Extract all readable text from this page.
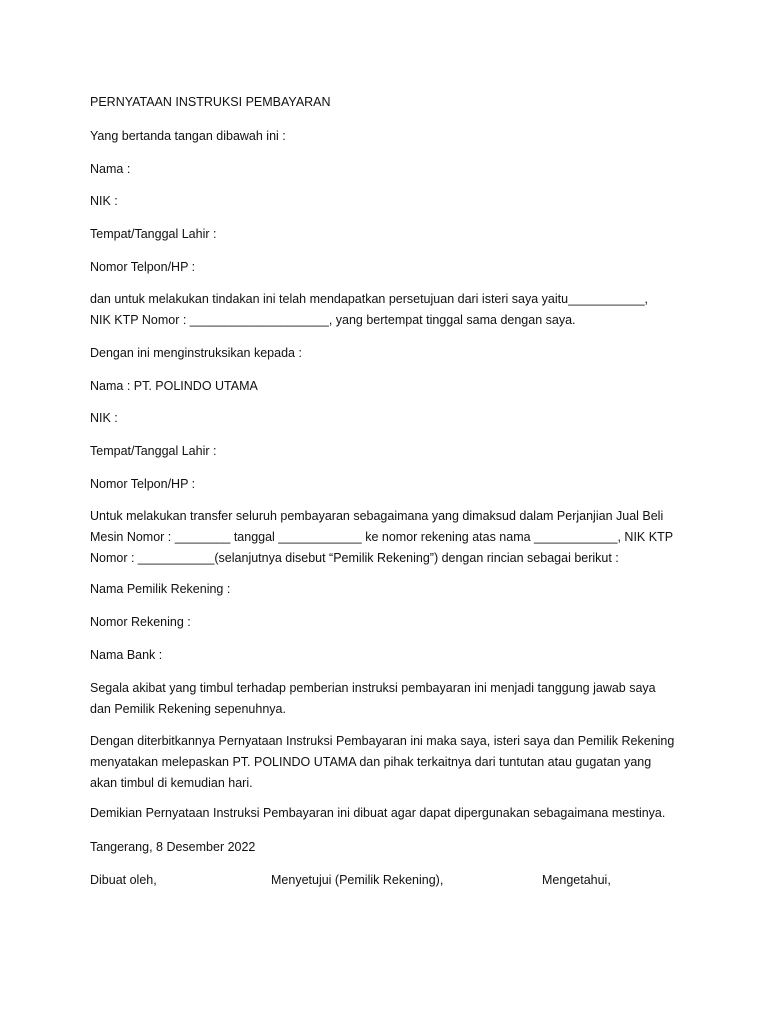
PERNYATAAN INSTRUKSI PEMBAYARAN
Yang bertanda tangan dibawah ini :
Nama :
NIK :
Tempat/Tanggal Lahir :
Nomor Telpon/HP :
dan untuk melakukan tindakan ini telah mendapatkan persetujuan dari isteri saya yaitu___________,
NIK KTP Nomor : ____________________, yang bertempat tinggal sama dengan saya.
Dengan ini menginstruksikan kepada :
Nama : PT. POLINDO UTAMA
NIK :
Tempat/Tanggal Lahir :
Nomor Telpon/HP :
Untuk melakukan transfer seluruh pembayaran sebagaimana yang dimaksud dalam Perjanjian Jual Beli
Mesin Nomor : ________ tanggal ____________ ke nomor rekening atas nama ____________, NIK KTP
Nomor : ___________(selanjutnya disebut “Pemilik Rekening”) dengan rincian sebagai berikut :
Nama Pemilik Rekening :
Nomor Rekening :
Nama Bank :
Segala akibat yang timbul terhadap pemberian instruksi pembayaran ini menjadi tanggung jawab saya
dan Pemilik Rekening sepenuhnya.
Dengan diterbitkannya Pernyataan Instruksi Pembayaran ini maka saya, isteri saya dan Pemilik Rekening
menyatakan melepaskan PT. POLINDO UTAMA dan pihak terkaitnya dari tuntutan atau gugatan yang
akan timbul di kemudian hari.
Demikian Pernyataan Instruksi Pembayaran ini dibuat agar dapat dipergunakan sebagaimana mestinya.
Tangerang, 8 Desember 2022
Dibuat oleh,	Menyetujui (Pemilik Rekening),	Mengetahui,
